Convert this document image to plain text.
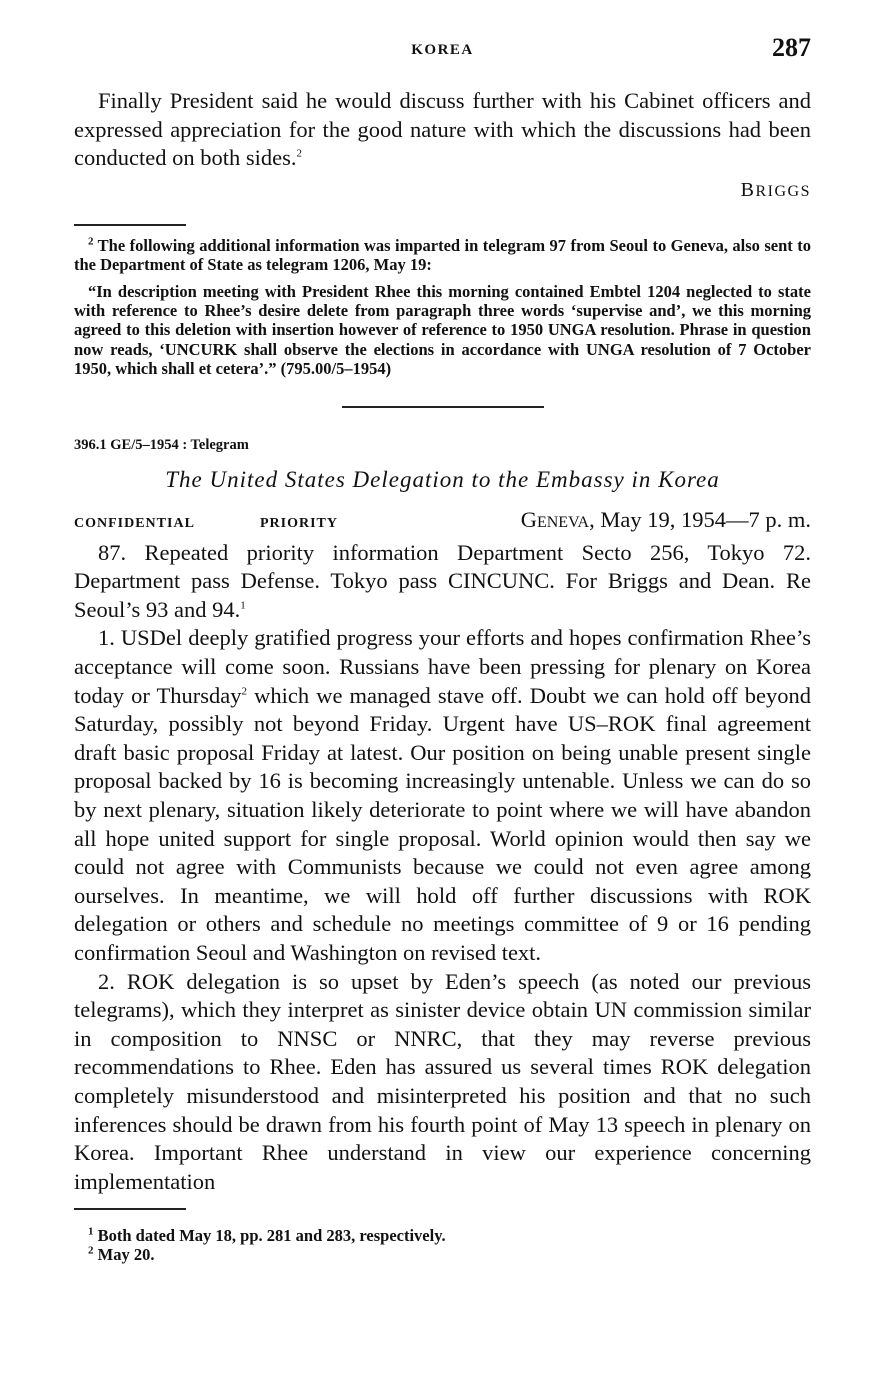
KOREA	287

Finally President said he would discuss further with his Cabinet officers and expressed appreciation for the good nature with which the discussions had been conducted on both sides.$^2$

BRIGGS

$^2$ The following additional information was imparted in telegram 97 from Seoul to Geneva, also sent to the Department of State as telegram 1206, May 19:

“In description meeting with President Rhee this morning contained Embtel 1204 neglected to state with reference to Rhee’s desire delete from paragraph three words ‘supervise and’, we this morning agreed to this deletion with insertion however of reference to 1950 UNGA resolution. Phrase in question now reads, ‘UNCURK shall observe the elections in accordance with UNGA resolution of 7 October 1950, which shall et cetera’.” (795.00/5–1954)

396.1 GE/5–1954 : Telegram
The United States Delegation to the Embassy in Korea
CONFIDENTIAL	PRIORITY	Geneva, May 19, 1954—7 p. m.

87. Repeated priority information Department Secto 256, Tokyo 72. Department pass Defense. Tokyo pass CINCUNC. For Briggs and Dean. Re Seoul’s 93 and 94.$^1$

1. USDel deeply gratified progress your efforts and hopes confirmation Rhee’s acceptance will come soon. Russians have been pressing for plenary on Korea today or Thursday$^2$ which we managed stave off. Doubt we can hold off beyond Saturday, possibly not beyond Friday. Urgent have US–ROK final agreement draft basic proposal Friday at latest. Our position on being unable present single proposal backed by 16 is becoming increasingly untenable. Unless we can do so by next plenary, situation likely deteriorate to point where we will have abandon all hope united support for single proposal. World opinion would then say we could not agree with Communists because we could not even agree among ourselves. In meantime, we will hold off further discussions with ROK delegation or others and schedule no meetings committee of 9 or 16 pending confirmation Seoul and Washington on revised text.

2. ROK delegation is so upset by Eden’s speech (as noted our previous telegrams), which they interpret as sinister device obtain UN commission similar in composition to NNSC or NNRC, that they may reverse previous recommendations to Rhee. Eden has assured us several times ROK delegation completely misunderstood and misinterpreted his position and that no such inferences should be drawn from his fourth point of May 13 speech in plenary on Korea. Important Rhee understand in view our experience concerning implementation

$^1$ Both dated May 18, pp. 281 and 283, respectively.

$^2$ May 20.
